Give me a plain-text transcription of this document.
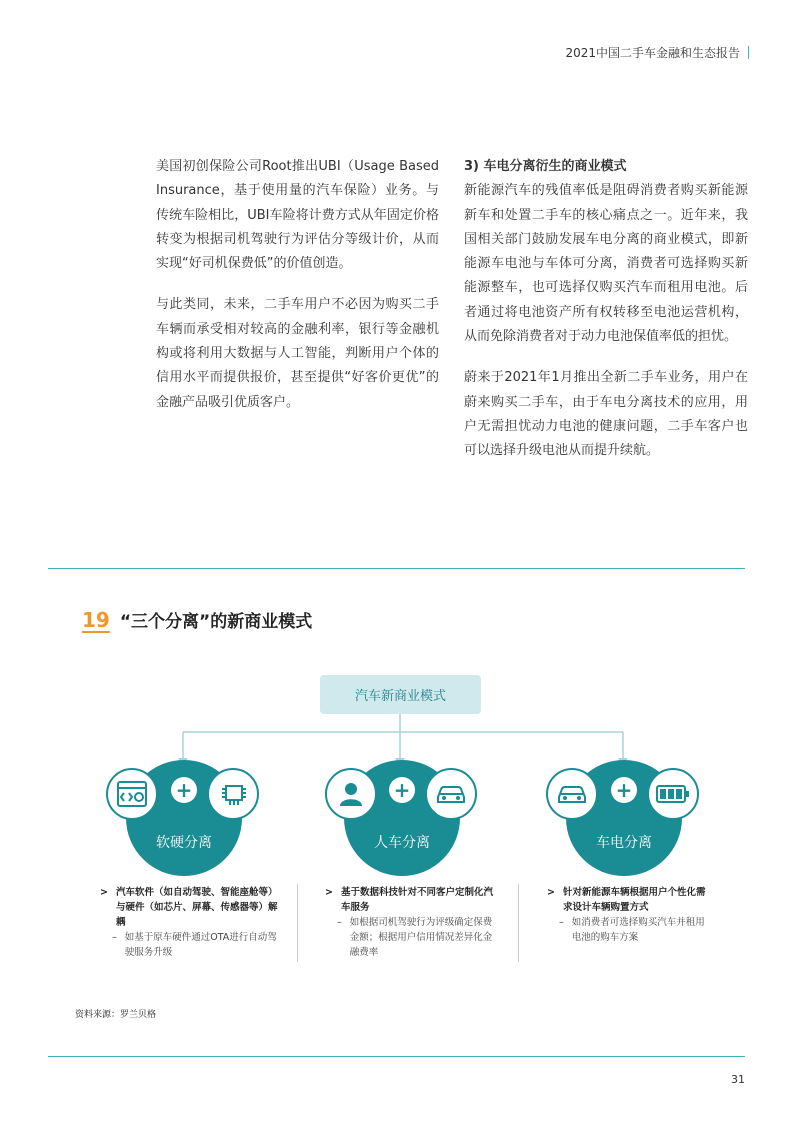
2021中国二手车金融和生态报告

美国初创保险公司Root推出UBI（Usage Based Insurance，基于使用量的汽车保险）业务。与传统车险相比，UBI车险将计费方式从年固定价格转变为根据司机驾驶行为评估分等级计价，从而实现“好司机保费低”的价值创造。

与此类同，未来，二手车用户不必因为购买二手车辆而承受相对较高的金融利率，银行等金融机构或将利用大数据与人工智能，判断用户个体的信用水平而提供报价，甚至提供“好客价更优”的金融产品吸引优质客户。

3) 车电分离衍生的商业模式

新能源汽车的残值率低是阻碍消费者购买新能源新车和处置二手车的核心痛点之一。近年来，我国相关部门鼓励发展车电分离的商业模式，即新能源车电池与车体可分离，消费者可选择购买新能源整车，也可选择仅购买汽车而租用电池。后者通过将电池资产所有权转移至电池运营机构，从而免除消费者对于动力电池保值率低的担忧。

蔚来于2021年1月推出全新二手车业务，用户在蔚来购买二手车，由于车电分离技术的应用，用户无需担忧动力电池的健康问题，二手车客户也可以选择升级电池从而提升续航。

19 “三个分离”的新商业模式
汽车新商业模式
软硬分离
+
人车分离
+
车电分离
+
> 汽车软件（如自动驾驶、智能座舱等）与硬件（如芯片、屏幕、传感器等）解耦
– 如基于原车硬件通过OTA进行自动驾驶服务升级
> 基于数据科技针对不同客户定制化汽车服务
– 如根据司机驾驶行为评级确定保费金额；根据用户信用情况差异化金融费率
> 针对新能源车辆根据用户个性化需求设计车辆购置方式
– 如消费者可选择购买汽车并租用电池的购车方案
资料来源：罗兰贝格
31
